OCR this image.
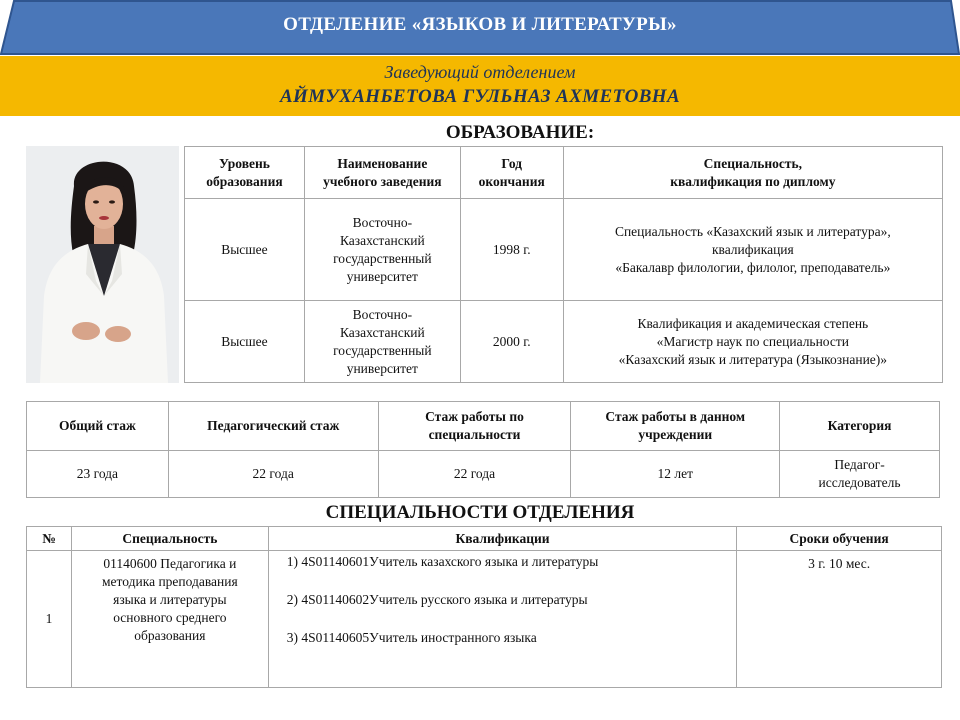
ОТДЕЛЕНИЕ «ЯЗЫКОВ И ЛИТЕРАТУРЫ»
Заведующий отделением
АЙМУХАНБЕТОВА ГУЛЬНАЗ АХМЕТОВНА
ОБРАЗОВАНИЕ:
Уровень
образования	Наименование
учебного заведения	Год
окончания	Специальность,
квалификация по диплому
Высшее	Восточно-
Казахстанский
государственный
университет	1998 г.	Специальность «Казахский язык и литература»,
квалификация
«Бакалавр филологии, филолог, преподаватель»
Высшее	Восточно-
Казахстанский
государственный
университет	2000 г.	Квалификация и академическая степень
«Магистр наук по специальности
«Казахский язык и литература (Языкознание)»
Общий стаж	Педагогический стаж	Стаж работы по
специальности	Стаж работы в данном
учреждении	Категория
23 года	22 года	22 года	12 лет	Педагог-
исследователь
СПЕЦИАЛЬНОСТИ ОТДЕЛЕНИЯ
№	Специальность	Квалификации	Сроки обучения
1	01140600 Педагогика и
методика преподавания
языка и литературы
основного среднего
образования	1) 4S01140601Учитель казахского языка и литературы
2) 4S01140602Учитель русского языка и литературы
3) 4S01140605Учитель иностранного языка	3 г. 10 мес.
